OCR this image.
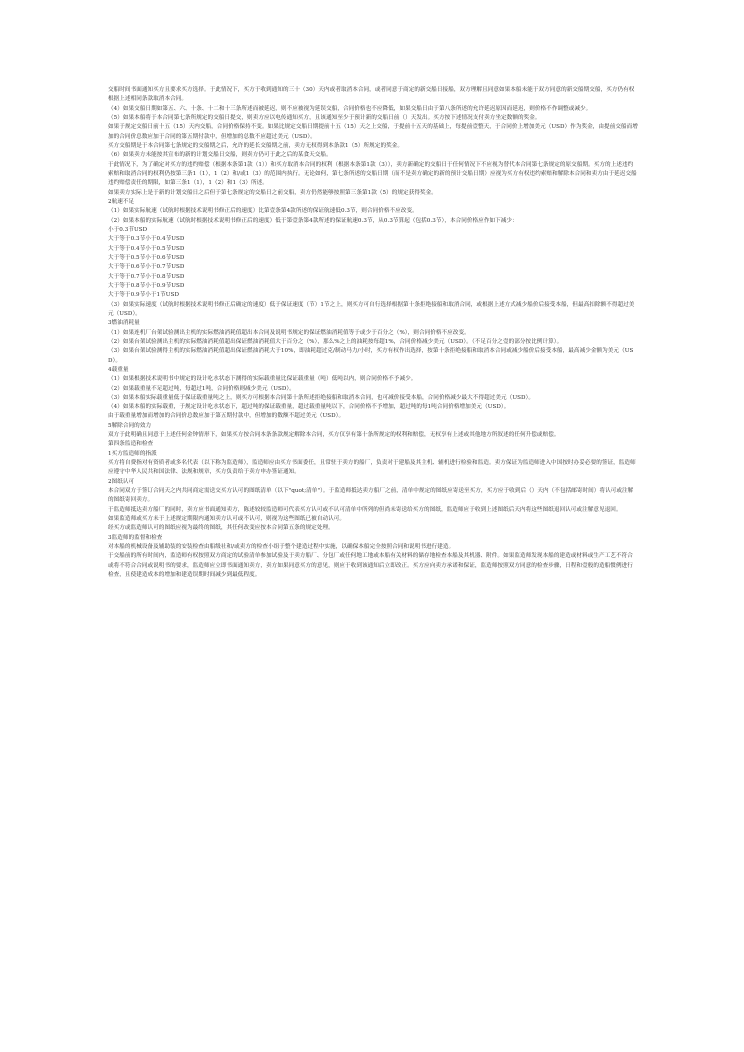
交船时间书面通知买方且要求买方选择。于此情况下，买方于收到通知的三十（30）天内或者取消本合同，或者同意于商定的新交船日接船，双方理解且同意如果本船未能于双方同意的新交船期交船，买方仍有权根据上述相同条款取消本合同。

（4）如果交船日期如第五、六、十条、十二和十三条所述而被延迟，则不应被视为延误交船，合同价格也不应降低，如果交船日由于第八条所述的允许延迟原因而延迟，则价格不作调整或减少。

（5）如果本船将于本合同第七条所规定的交船日提交，则卖方应以电传通知买方，且该通知至少于预计新的交船日前（）天发出。买方按下述情况支付卖方坐定数额的奖金。

如果于规定交船日前十五（15）天内交船，合同价格保持不变。如果比规定交船日期提前十五（15）天之上交船，于提前十五天的基础上，每提前壹整天，于合同价上增加美元（USD）作为奖金，由提前交船而增加的合同价总数应加于合同的第五期付款中，但增加的总数不应超过美元（USD）。

买方交船期是于本合同第七条规定的交船期之后，允许的延长交船期之前，卖方无权得到本条款1（5）所规定的奖金。

（6）如果卖方未能按其宣布的新的计划交船日交船，则卖方仍可于此之后的某食天交船。

于此情况下，为了确定对买方的违约赔偿（根据本条第1款（1））和买方取消本合同的权利（根据本条第1款（3）），卖方新确定的交船日于任何情况下不应视为替代本合同第七条规定的原交船期。买方的上述违约索赔和取消合同的权利仍按第三条1（1），1（2）和/或1（3）的范围内执行。无论如何，第七条所述的交船日期（而不是卖方确定的新的预计交船日期）应视为买方有权违约索赔和解除本合同和卖方由于延迟交船违约赔偿责任的期限，如第三条1（1），1（2）和1（3）所述。

如果卖方实际上是于新的计划交船日之后但于第七条规定的交船日之前交船，卖方仍然能够按照第三条第1款（5）的规定获得奖金。

2航速不足

（1）如果实际航速（试航时根据技术说明书修正后的速度）比第壹条第4款所述的保证航速低0.3节，则合同价格不应改变。

（2）如果本船的实际航速（试航时根据技术说明书修正后的速度）低于第壹条第4款所述的保证航速0.3节，从0.3节算起（包括0.3节），本合同价格应作如下减少：

小于0.3节USD

大于等于0.3节小于0.4节USD

大于等于0.4节小于0.5节USD

大于等于0.5节小于0.6节USD

大于等于0.6节小于0.7节USD

大于等于0.7节小于0.8节USD

大于等于0.8节小于0.9节USD

大于等于0.9节小于1节USD

（3）如果实际速度（试航时根据技术说明书修正后确定的速度）低于保证速度（节）1节之上，则买方可自行选择根据第十条拒绝接船和取消合同，或根据上述方式减少船价后接受本船，但最高扣除额不得超过美元（USD）。

3燃油消耗量

（1）如果连机厂台架试验测出主机的实际燃油消耗值超出本合同及说明书规定的保证燃油消耗值等于或少于百分之（%），则合同价格不应改变。

（2）如果台架试验测出主机的实际燃油消耗值超出保证燃油消耗值大于百分之（%），那么%之上的油耗按每超1%，合同价格减少美元（USD）。（不足百分之壹的部分按比例计算）。

（3）如果台架试验测得主机的实际燃油消耗值超出保证燃油消耗大于10%，即油耗超过克/制动马力/小时，买方有权作出选择，按第十条拒绝接船和取消本合同或减少船价后接受本船，最高减少金额为美元（USD）。

4载重量

（1）如果根据技术说明书中规定的设计吃水状态下测得的实际载重量比保证载重量（吨）低吨以内，则合同价格不予减少。

（2）如果载重量不足超过吨，每超过1吨，合同价格则减少美元（USD）。

（3）如果本船实际载重量低于保证载重量吨之上，则买方可根据本合同第十条所述拒绝接船和取消本合同，也可减价接受本船，合同价格减少最大不得超过美元（USD）。

（4）如果本船的实际载重，于规定设计吃水状态下，超过吨的保证载重量，超过载重量吨以下，合同价格不予增加，超过吨的每1吨合同价格增加美元（USD）。

由于载重量增加而增加的合同价总数应加于第五期付款中，但增加的数额不超过美元（USD）。

5解除合同的效力

双方于此明确且同意于上述任何金钟情形下，如果买方按合同本条条款规定解除本合同，买方仅享有第十条所规定的权利和赔偿，无权享有上述或其他地方所叙述的任何升偿或赔偿。

第四条监造和检查

1买方监造师的指派

买方将自费指对有资质者或多名代表（以下称为监造师），监造师应由买方书面委任，且常驻于卖方的船厂，负责对于建船及其主机、辅机进行检验和监造。卖方保证为监造师进入中国按时办妥必要的签证，监造师应遵守中华人民共和国法律、法规和规章，买方负责给于卖方申办签证通知。

2图纸认可

本合同双方于签订合同天之内共同商定需送交买方认可的图纸清单（以下"quot;清单"）。于监造师抵达卖方船厂之前，清单中规定的图纸应寄送至买方，买方应于收到后（）天内（不包括邮寄时间）将认可或注解的图纸寄回卖方。

于监造师抵达卖方船厂的同时，卖方应书面通知卖方，陈述较较监造师可代表买方认可或不认可清单中所列的但尚未寄送给买方的图纸，监造师应于收到上述图纸后天内将这些图纸退回认可或注解意见退回。

如果监造师或买方未于上述规定期限内通知卖方认可或不认可，则视为这些图纸已被自动认可。

经买方或监造师认可的图纸应视为最终的图纸，其任何改变应按本合同第五条的规定处理。

3监造师的监督和检查

对本船的机械设备及辅助装的安装检查由船级社和/或卖方的检查小组于整个建造过程中实施，以确保本船完全按照合同和说明书进行建造。

于交船前的所有时间内，监造师有权按照双方商定的试验清单参加试验及于卖方船厂、分包厂或任何地工地或本船有关材料的储存地检查本船及其机器、附件。如果监造师发现本船的建造或材料或生产工艺不符合或将不符合合同或说明书的要求，监造师应立即书面通知卖方，卖方如果同意买方的意见，则应于收到该通知后立即改正。买方应向卖方承诺和保证，监造师按照双方同意的检查步骤，日程和壹般的造船惯例进行检查，且使建造成本的增加和建造误期时间减少到最低程度。
